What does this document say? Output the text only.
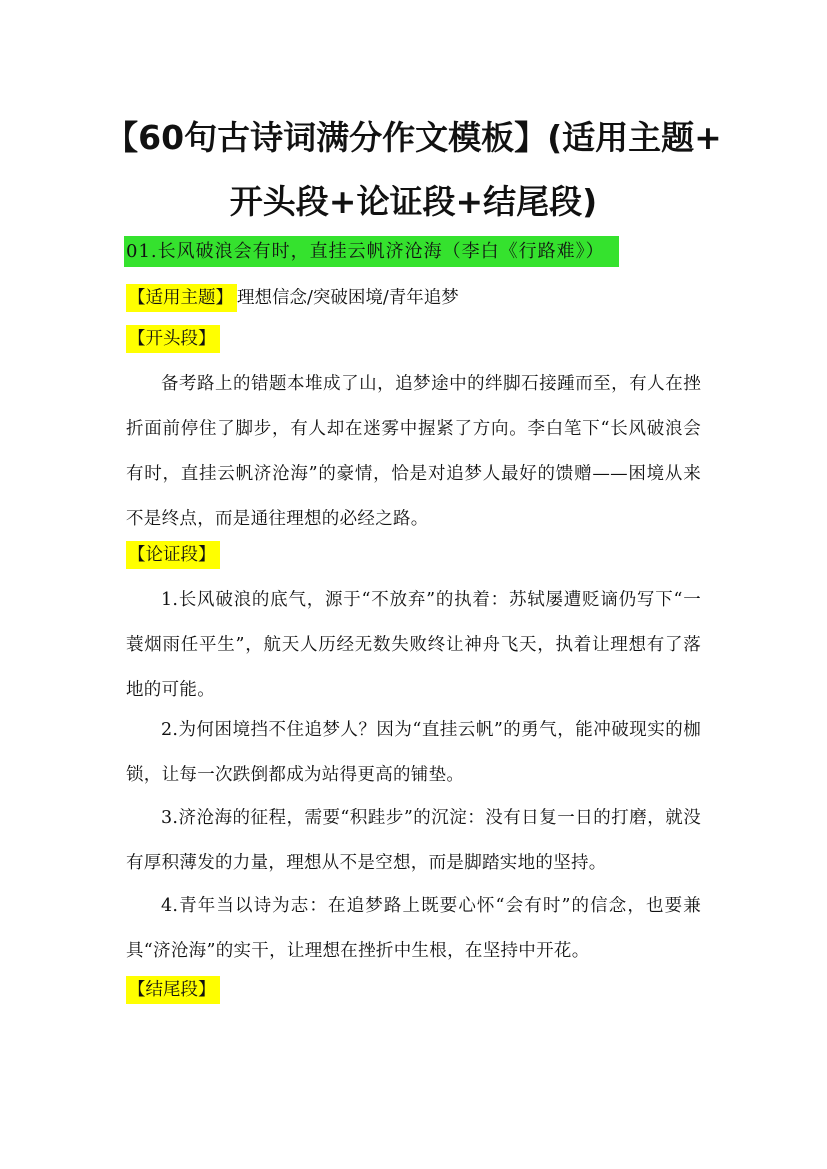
【60句古诗词满分作文模板】(适用主题+
开头段+论证段+结尾段)
01.长风破浪会有时，直挂云帆济沧海（李白《行路难》）
【适用主题】 理想信念/突破困境/青年追梦
【开头段】
备考路上的错题本堆成了山，追梦途中的绊脚石接踵而至，有人在挫折面前停住了脚步，有人却在迷雾中握紧了方向。李白笔下“长风破浪会有时，直挂云帆济沧海”的豪情，恰是对追梦人最好的馈赠——困境从来不是终点，而是通往理想的必经之路。
【论证段】
1.长风破浪的底气，源于“不放弃”的执着：苏轼屡遭贬谪仍写下“一蓑烟雨任平生”，航天人历经无数失败终让神舟飞天，执着让理想有了落地的可能。
2.为何困境挡不住追梦人？因为“直挂云帆”的勇气，能冲破现实的枷锁，让每一次跌倒都成为站得更高的铺垫。
3.济沧海的征程，需要“积跬步”的沉淀：没有日复一日的打磨，就没有厚积薄发的力量，理想从不是空想，而是脚踏实地的坚持。
4.青年当以诗为志：在追梦路上既要心怀“会有时”的信念，也要兼具“济沧海”的实干，让理想在挫折中生根，在坚持中开花。
【结尾段】
